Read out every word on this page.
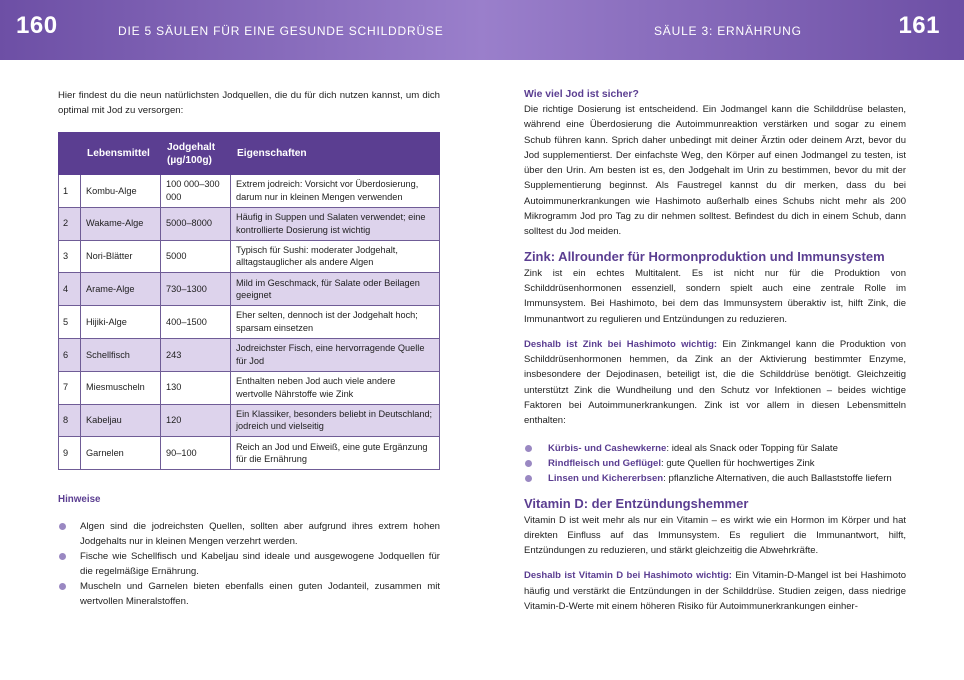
160	DIE 5 SÄULEN FÜR EINE GESUNDE SCHILDDRÜSE	SÄULE 3: ERNÄHRUNG	161

Hier findest du die neun natürlichsten Jodquellen, die du für dich nutzen kannst, um dich optimal mit Jod zu versorgen:

	Lebensmittel	Jodgehalt (µg/100g)	Eigenschaften
1	Kombu-Alge	100 000–300 000	Extrem jodreich: Vorsicht vor Überdosierung, darum nur in kleinen Mengen verwenden
2	Wakame-Alge	5000–8000	Häufig in Suppen und Salaten verwendet; eine kontrollierte Dosierung ist wichtig
3	Nori-Blätter	5000	Typisch für Sushi: moderater Jodgehalt, alltagstauglicher als andere Algen
4	Arame-Alge	730–1300	Mild im Geschmack, für Salate oder Beilagen geeignet
5	Hijiki-Alge	400–1500	Eher selten, dennoch ist der Jodgehalt hoch; sparsam einsetzen
6	Schellfisch	243	Jodreichster Fisch, eine hervorragende Quelle für Jod
7	Miesmuscheln	130	Enthalten neben Jod auch viele andere wertvolle Nährstoffe wie Zink
8	Kabeljau	120	Ein Klassiker, besonders beliebt in Deutschland; jodreich und vielseitig
9	Garnelen	90–100	Reich an Jod und Eiweiß, eine gute Ergänzung für die Ernährung
Hinweise
Algen sind die jodreichsten Quellen, sollten aber aufgrund ihres extrem hohen Jodgehalts nur in kleinen Mengen verzehrt werden.
Fische wie Schellfisch und Kabeljau sind ideale und ausgewogene Jodquellen für die regelmäßige Ernährung.
Muscheln und Garnelen bieten ebenfalls einen guten Jodanteil, zusammen mit wertvollen Mineralstoffen.
Wie viel Jod ist sicher?

Die richtige Dosierung ist entscheidend. Ein Jodmangel kann die Schilddrüse belasten, während eine Überdosierung die Autoimmunreaktion verstärken und sogar zu einem Schub führen kann. Sprich daher unbedingt mit deiner Ärztin oder deinem Arzt, bevor du Jod supplementierst. Der einfachste Weg, den Körper auf einen Jodmangel zu testen, ist über den Urin. Am besten ist es, den Jodgehalt im Urin zu bestimmen, bevor du mit der Supplementierung beginnst. Als Faustregel kannst du dir merken, dass du bei Autoimmunerkrankungen wie Hashimoto außerhalb eines Schubs nicht mehr als 200 Mikrogramm Jod pro Tag zu dir nehmen solltest. Befindest du dich in einem Schub, dann solltest du Jod meiden.

Zink: Allrounder für Hormonproduktion und Immunsystem

Zink ist ein echtes Multitalent. Es ist nicht nur für die Produktion von Schilddrüsenhormonen essenziell, sondern spielt auch eine zentrale Rolle im Immunsystem. Bei Hashimoto, bei dem das Immunsystem überaktiv ist, hilft Zink, die Immunantwort zu regulieren und Entzündungen zu reduzieren.

Deshalb ist Zink bei Hashimoto wichtig: Ein Zinkmangel kann die Produktion von Schilddrüsenhormonen hemmen, da Zink an der Aktivierung bestimmter Enzyme, insbesondere der Dejodinasen, beteiligt ist, die die Schilddrüse benötigt. Gleichzeitig unterstützt Zink die Wundheilung und den Schutz vor Infektionen – beides wichtige Faktoren bei Autoimmunerkrankungen. Zink ist vor allem in diesen Lebensmitteln enthalten:

Kürbis- und Cashewkerne: ideal als Snack oder Topping für Salate
Rindfleisch und Geflügel: gute Quellen für hochwertiges Zink
Linsen und Kichererbsen: pflanzliche Alternativen, die auch Ballaststoffe liefern
Vitamin D: der Entzündungshemmer

Vitamin D ist weit mehr als nur ein Vitamin – es wirkt wie ein Hormon im Körper und hat direkten Einfluss auf das Immunsystem. Es reguliert die Immunantwort, hilft, Entzündungen zu reduzieren, und stärkt gleichzeitig die Abwehrkräfte.

Deshalb ist Vitamin D bei Hashimoto wichtig: Ein Vitamin-D-Mangel ist bei Hashimoto häufig und verstärkt die Entzündungen in der Schilddrüse. Studien zeigen, dass niedrige Vitamin-D-Werte mit einem höheren Risiko für Autoimmunerkrankungen einher-
